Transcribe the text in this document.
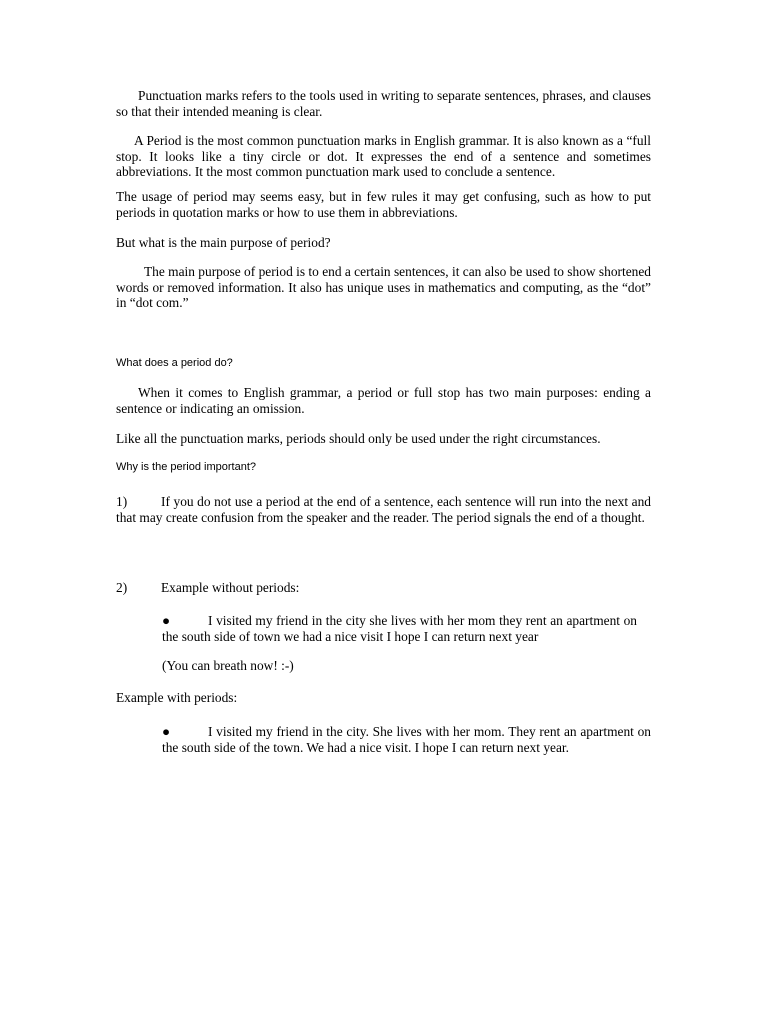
Punctuation marks refers to the tools used in writing to separate sentences, phrases, and clauses so that their intended meaning is clear.

A Period is the most common punctuation marks in English grammar. It is also known as a “full stop. It looks like a tiny circle or dot. It expresses the end of a sentence and sometimes abbreviations. It the most common punctuation mark used to conclude a sentence.

The usage of period may seems easy, but in few rules it may get confusing, such as how to put periods in quotation marks or how to use them in abbreviations.

But what is the main purpose of period?

The main purpose of period is to end a certain sentences, it can also be used to show shortened words or removed information. It also has unique uses in mathematics and computing, as the “dot” in “dot com.”

What does a period do?

When it comes to English grammar, a period or full stop has two main purposes: ending a sentence or indicating an omission.

Like all the punctuation marks, periods should only be used under the right circumstances.

Why is the period important?
1)	If you do not use a period at the end of a sentence, each sentence will run into the next and that may create confusion from the speaker and the reader. The period signals the end of a thought.

2)	Example without periods:

●	I visited my friend in the city she lives with her mom they rent an apartment onthe south side of town we had a nice visit I hope I can return next year

(You can breath now! :-)

Example with periods:

●	I visited my friend in the city. She lives with her mom. They rent an apartment on the south side of the town. We had a nice visit. I hope I can return next year.
